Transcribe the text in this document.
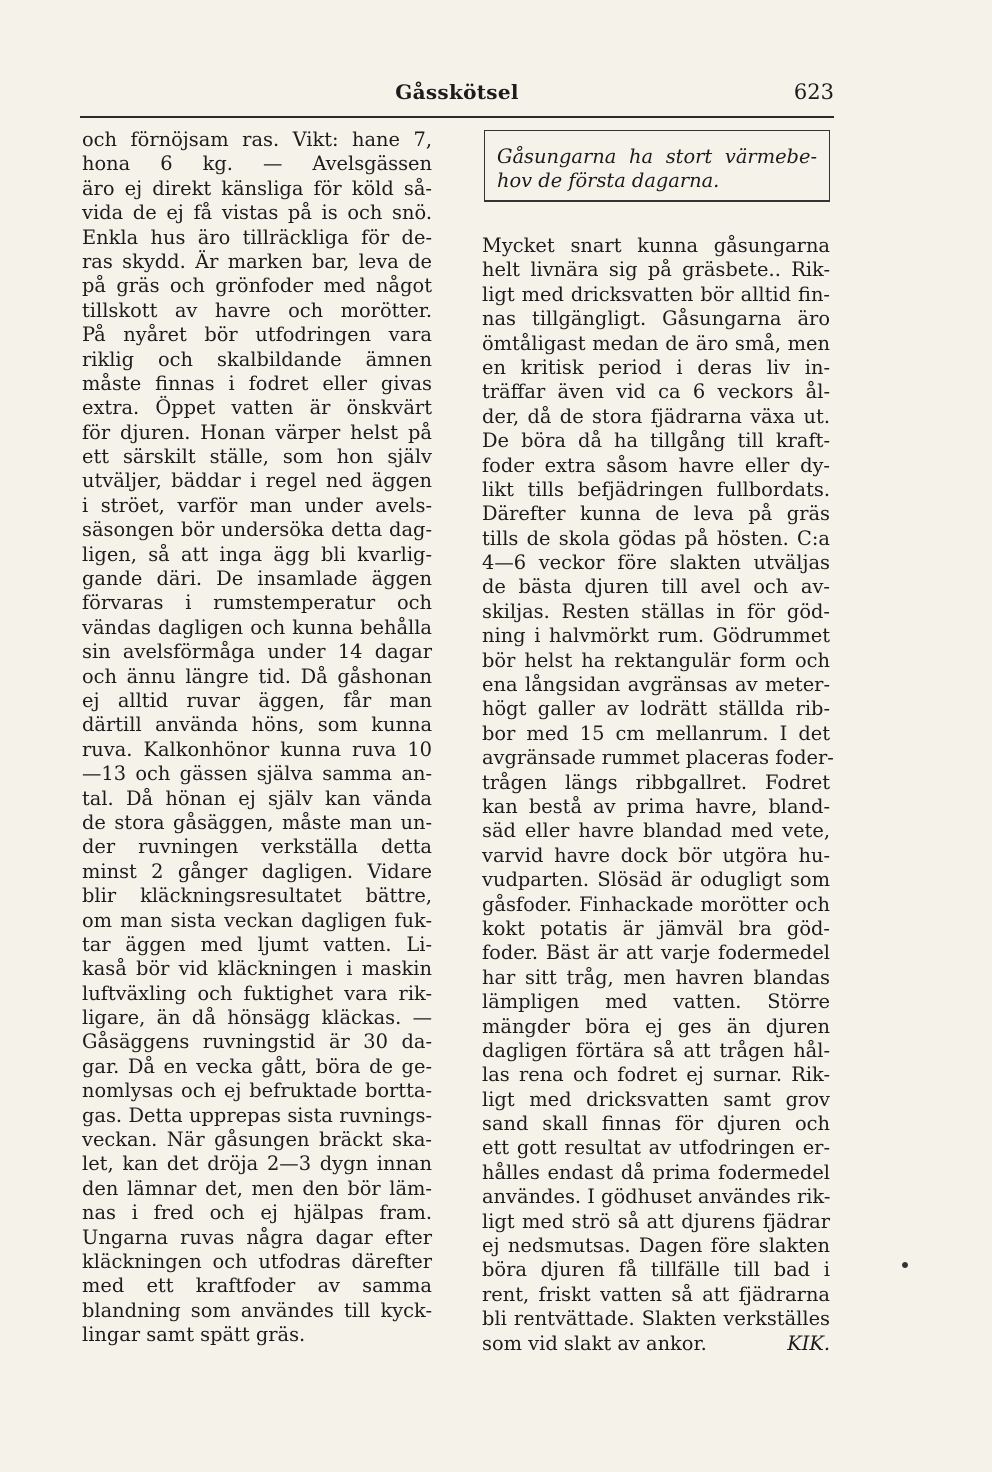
Gåsskötsel	623
Gåsungarna ha stort värmebe-
hov de första dagarna.
och förnöjsam ras. Vikt: hane 7,
hona 6 kg. — Avelsgässen
äro ej direkt känsliga för köld så-
vida de ej få vistas på is och snö.
Enkla hus äro tillräckliga för de-
ras skydd. Är marken bar, leva de
på gräs och grönfoder med något
tillskott av havre och morötter.
På nyåret bör utfodringen vara
riklig och skalbildande ämnen
måste finnas i fodret eller givas
extra. Öppet vatten är önskvärt
för djuren. Honan värper helst på
ett särskilt ställe, som hon själv
utväljer, bäddar i regel ned äggen
i ströet, varför man under avels-
säsongen bör undersöka detta dag-
ligen, så att inga ägg bli kvarlig-
gande däri. De insamlade äggen
förvaras i rumstemperatur och
vändas dagligen och kunna behålla
sin avelsförmåga under 14 dagar
och ännu längre tid. Då gåshonan
ej alltid ruvar äggen, får man
därtill använda höns, som kunna
ruva. Kalkonhönor kunna ruva 10
—13 och gässen själva samma an-
tal. Då hönan ej själv kan vända
de stora gåsäggen, måste man un-
der ruvningen verkställa detta
minst 2 gånger dagligen. Vidare
blir kläckningsresultatet bättre,
om man sista veckan dagligen fuk-
tar äggen med ljumt vatten. Li-
kaså bör vid kläckningen i maskin
luftväxling och fuktighet vara rik-
ligare, än då hönsägg kläckas. —
Gåsäggens ruvningstid är 30 da-
gar. Då en vecka gått, böra de ge-
nomlysas och ej befruktade bortta-
gas. Detta upprepas sista ruvnings-
veckan. När gåsungen bräckt ska-
let, kan det dröja 2—3 dygn innan
den lämnar det, men den bör läm-
nas i fred och ej hjälpas fram.
Ungarna ruvas några dagar efter
kläckningen och utfodras därefter
med ett kraftfoder av samma
blandning som användes till kyck-
lingar samt spätt gräs.
Mycket snart kunna gåsungarna
helt livnära sig på gräsbete.. Rik-
ligt med dricksvatten bör alltid fin-
nas tillgängligt. Gåsungarna äro
ömtåligast medan de äro små, men
en kritisk period i deras liv in-
träffar även vid ca 6 veckors ål-
der, då de stora fjädrarna växa ut.
De böra då ha tillgång till kraft-
foder extra såsom havre eller dy-
likt tills befjädringen fullbordats.
Därefter kunna de leva på gräs
tills de skola gödas på hösten. C:a
4—6 veckor före slakten utväljas
de bästa djuren till avel och av-
skiljas. Resten ställas in för göd-
ning i halvmörkt rum. Gödrummet
bör helst ha rektangulär form och
ena långsidan avgränsas av meter-
högt galler av lodrätt ställda rib-
bor med 15 cm mellanrum. I det
avgränsade rummet placeras foder-
trågen längs ribbgallret. Fodret
kan bestå av prima havre, bland-
säd eller havre blandad med vete,
varvid havre dock bör utgöra hu-
vudparten. Slösäd är odugligt som
gåsfoder. Finhackade morötter och
kokt potatis är jämväl bra göd-
foder. Bäst är att varje fodermedel
har sitt tråg, men havren blandas
lämpligen med vatten. Större
mängder böra ej ges än djuren
dagligen förtära så att trågen hål-
las rena och fodret ej surnar. Rik-
ligt med dricksvatten samt grov
sand skall finnas för djuren och
ett gott resultat av utfodringen er-
hålles endast då prima fodermedel
användes. I gödhuset användes rik-
ligt med strö så att djurens fjädrar
ej nedsmutsas. Dagen före slakten
böra djuren få tillfälle till bad i
rent, friskt vatten så att fjädrarna
bli rentvättade. Slakten verkställes
som vid slakt av ankor.	KIK.
